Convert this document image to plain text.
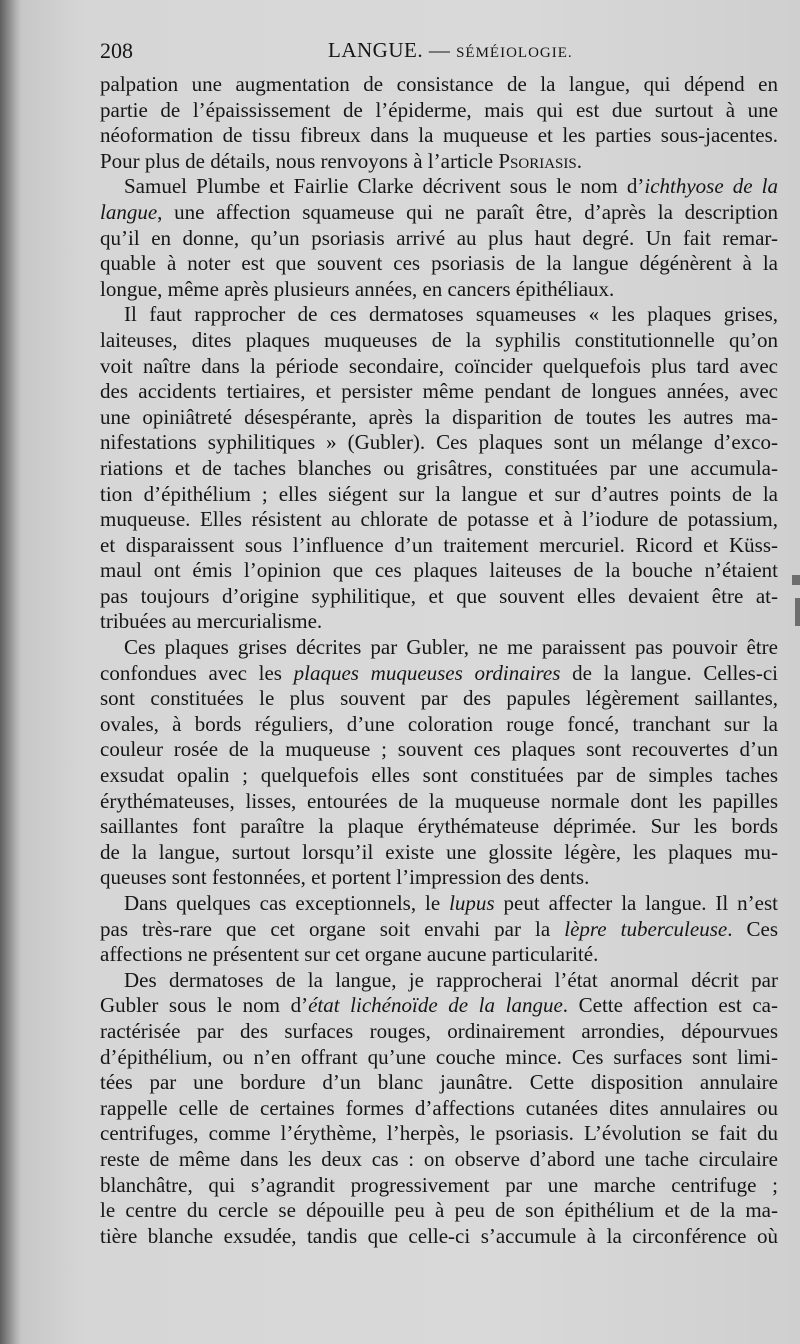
208	LANGUE. — SÉMÉIOLOGIE.

palpation une augmentation de consistance de la langue, qui dépend en

partie de l’épaississement de l’épiderme, mais qui est due surtout à une

néoformation de tissu fibreux dans la muqueuse et les parties sous-jacentes.

Pour plus de détails, nous renvoyons à l’article Psoriasis.

Samuel Plumbe et Fairlie Clarke décrivent sous le nom d’ichthyose de la

langue, une affection squameuse qui ne paraît être, d’après la description

qu’il en donne, qu’un psoriasis arrivé au plus haut degré. Un fait remar-

quable à noter est que souvent ces psoriasis de la langue dégénèrent à la

longue, même après plusieurs années, en cancers épithéliaux.

Il faut rapprocher de ces dermatoses squameuses « les plaques grises,

laiteuses, dites plaques muqueuses de la syphilis constitutionnelle qu’on

voit naître dans la période secondaire, coïncider quelquefois plus tard avec

des accidents tertiaires, et persister même pendant de longues années, avec

une opiniâtreté désespérante, après la disparition de toutes les autres ma-

nifestations syphilitiques » (Gubler). Ces plaques sont un mélange d’exco-

riations et de taches blanches ou grisâtres, constituées par une accumula-

tion d’épithélium ; elles siégent sur la langue et sur d’autres points de la

muqueuse. Elles résistent au chlorate de potasse et à l’iodure de potassium,

et disparaissent sous l’influence d’un traitement mercuriel. Ricord et Küss-

maul ont émis l’opinion que ces plaques laiteuses de la bouche n’étaient

pas toujours d’origine syphilitique, et que souvent elles devaient être at-

tribuées au mercurialisme.

Ces plaques grises décrites par Gubler, ne me paraissent pas pouvoir être

confondues avec les plaques muqueuses ordinaires de la langue. Celles-ci

sont constituées le plus souvent par des papules légèrement saillantes,

ovales, à bords réguliers, d’une coloration rouge foncé, tranchant sur la

couleur rosée de la muqueuse ; souvent ces plaques sont recouvertes d’un

exsudat opalin ; quelquefois elles sont constituées par de simples taches

érythémateuses, lisses, entourées de la muqueuse normale dont les papilles

saillantes font paraître la plaque érythémateuse déprimée. Sur les bords

de la langue, surtout lorsqu’il existe une glossite légère, les plaques mu-

queuses sont festonnées, et portent l’impression des dents.

Dans quelques cas exceptionnels, le lupus peut affecter la langue. Il n’est

pas très-rare que cet organe soit envahi par la lèpre tuberculeuse. Ces

affections ne présentent sur cet organe aucune particularité.

Des dermatoses de la langue, je rapprocherai l’état anormal décrit par

Gubler sous le nom d’état lichénoïde de la langue. Cette affection est ca-

ractérisée par des surfaces rouges, ordinairement arrondies, dépourvues

d’épithélium, ou n’en offrant qu’une couche mince. Ces surfaces sont limi-

tées par une bordure d’un blanc jaunâtre. Cette disposition annulaire

rappelle celle de certaines formes d’affections cutanées dites annulaires ou

centrifuges, comme l’érythème, l’herpès, le psoriasis. L’évolution se fait du

reste de même dans les deux cas : on observe d’abord une tache circulaire

blanchâtre, qui s’agrandit progressivement par une marche centrifuge ;

le centre du cercle se dépouille peu à peu de son épithélium et de la ma-

tière blanche exsudée, tandis que celle-ci s’accumule à la circonférence où
